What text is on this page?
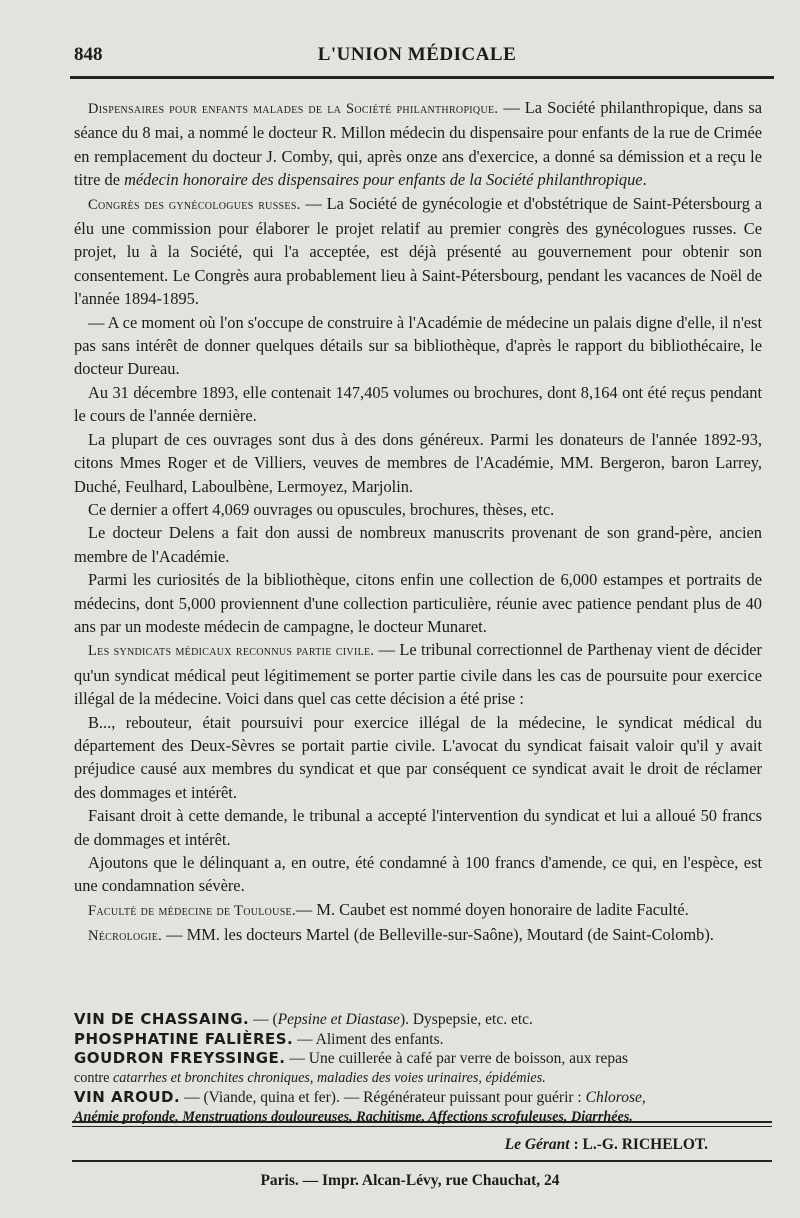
848	L'UNION MÉDICALE

Dispensaires pour enfants malades de la Société philanthropique. — La Société philanthropique, dans sa séance du 8 mai, a nommé le docteur R. Millon médecin du dispensaire pour enfants de la rue de Crimée en remplacement du docteur J. Comby, qui, après onze ans d'exercice, a donné sa démission et a reçu le titre de médecin honoraire des dispensaires pour enfants de la Société philanthropique.

Congrès des gynécologues russes. — La Société de gynécologie et d'obstétrique de Saint-Pétersbourg a élu une commission pour élaborer le projet relatif au premier congrès des gynécologues russes. Ce projet, lu à la Société, qui l'a acceptée, est déjà présenté au gouvernement pour obtenir son consentement. Le Congrès aura probablement lieu à Saint-Pétersbourg, pendant les vacances de Noël de l'année 1894-1895.

— A ce moment où l'on s'occupe de construire à l'Académie de médecine un palais digne d'elle, il n'est pas sans intérêt de donner quelques détails sur sa bibliothèque, d'après le rapport du bibliothécaire, le docteur Dureau.

Au 31 décembre 1893, elle contenait 147,405 volumes ou brochures, dont 8,164 ont été reçus pendant le cours de l'année dernière.

La plupart de ces ouvrages sont dus à des dons généreux. Parmi les donateurs de l'année 1892-93, citons Mmes Roger et de Villiers, veuves de membres de l'Académie, MM. Bergeron, baron Larrey, Duché, Feulhard, Laboulbène, Lermoyez, Marjolin.

Ce dernier a offert 4,069 ouvrages ou opuscules, brochures, thèses, etc.

Le docteur Delens a fait don aussi de nombreux manuscrits provenant de son grand-père, ancien membre de l'Académie.

Parmi les curiosités de la bibliothèque, citons enfin une collection de 6,000 estampes et portraits de médecins, dont 5,000 proviennent d'une collection particulière, réunie avec patience pendant plus de 40 ans par un modeste médecin de campagne, le docteur Munaret.

Les syndicats médicaux reconnus partie civile. — Le tribunal correctionnel de Parthenay vient de décider qu'un syndicat médical peut légitimement se porter partie civile dans les cas de poursuite pour exercice illégal de la médecine. Voici dans quel cas cette décision a été prise :

B..., rebouteur, était poursuivi pour exercice illégal de la médecine, le syndicat médical du département des Deux-Sèvres se portait partie civile. L'avocat du syndicat faisait valoir qu'il y avait préjudice causé aux membres du syndicat et que par conséquent ce syndicat avait le droit de réclamer des dommages et intérêt.

Faisant droit à cette demande, le tribunal a accepté l'intervention du syndicat et lui a alloué 50 francs de dommages et intérêt.

Ajoutons que le délinquant a, en outre, été condamné à 100 francs d'amende, ce qui, en l'espèce, est une condamnation sévère.

Faculté de médecine de Toulouse.— M. Caubet est nommé doyen honoraire de ladite Faculté.

Nécrologie. — MM. les docteurs Martel (de Belleville-sur-Saône), Moutard (de Saint-Colomb).

VIN DE CHASSAING. — (Pepsine et Diastase). Dyspepsie, etc. etc.

PHOSPHATINE FALIÈRES. — Aliment des enfants.

GOUDRON FREYSSINGE. — Une cuillerée à café par verre de boisson, aux repas

contre catarrhes et bronchites chroniques, maladies des voies urinaires, épidémies.

VIN AROUD. — (Viande, quina et fer). — Régénérateur puissant pour guérir : Chlorose,

Anémie profonde, Menstruations douloureuses, Rachitisme, Affections scrofuleuses, Diarrhées.

Le Gérant : L.-G. RICHELOT.
Paris. — Impr. Alcan-Lévy, rue Chauchat, 24
